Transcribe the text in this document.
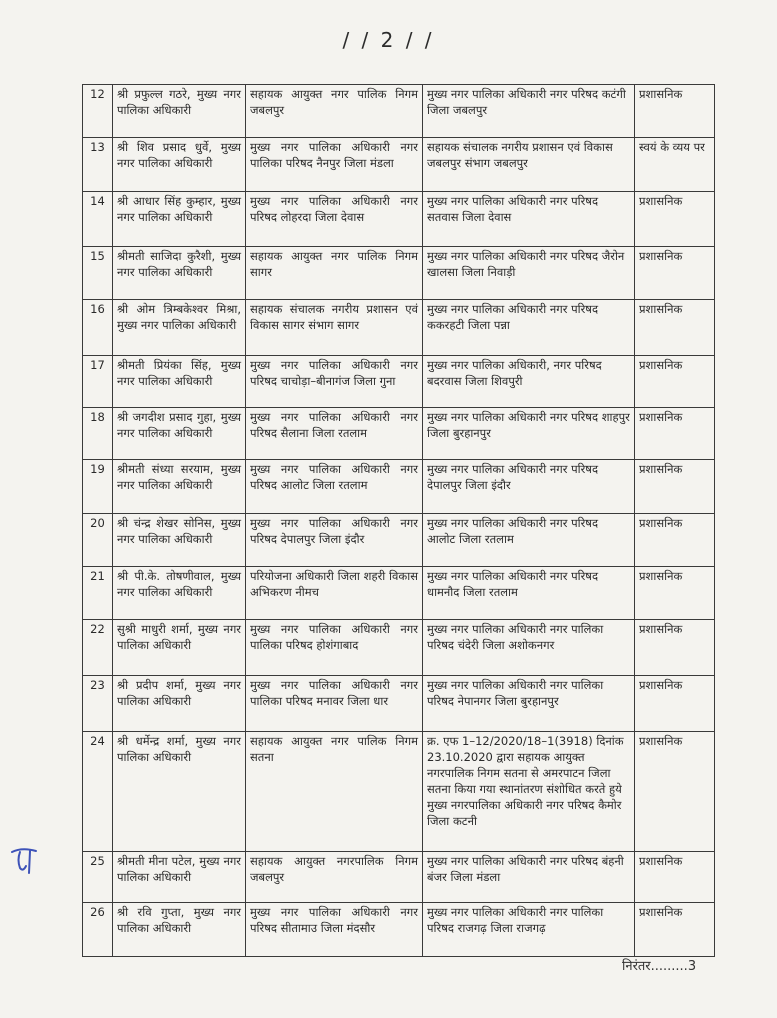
/ / 2 / /
12	श्री प्रफुल्ल गठरे, मुख्य नगर पालिका अधिकारी	सहायक आयुक्त नगर पालिक निगम जबलपुर	मुख्य नगर पालिका अधिकारी नगर परिषद कटंगी जिला जबलपुर	प्रशासनिक
13	श्री शिव प्रसाद धुर्वे, मुख्य नगर पालिका अधिकारी	मुख्य नगर पालिका अधिकारी नगर पालिका परिषद नैनपुर जिला मंडला	सहायक संचालक नगरीय प्रशासन एवं विकास जबलपुर संभाग जबलपुर	स्वयं के व्यय पर
14	श्री आधार सिंह कुम्हार, मुख्य नगर पालिका अधिकारी	मुख्य नगर पालिका अधिकारी नगर परिषद लोहरदा जिला देवास	मुख्य नगर पालिका अधिकारी नगर परिषद सतवास जिला देवास	प्रशासनिक
15	श्रीमती साजिदा कुरैशी, मुख्य नगर पालिका अधिकारी	सहायक आयुक्त नगर पालिक निगम सागर	मुख्य नगर पालिका अधिकारी नगर परिषद जैरोन खालसा जिला निवाड़ी	प्रशासनिक
16	श्री ओम त्रिम्बकेश्वर मिश्रा, मुख्य नगर पालिका अधिकारी	सहायक संचालक नगरीय प्रशासन एवं विकास सागर संभाग सागर	मुख्य नगर पालिका अधिकारी नगर परिषद ककरहटी जिला पन्ना	प्रशासनिक
17	श्रीमती प्रियंका सिंह, मुख्य नगर पालिका अधिकारी	मुख्य नगर पालिका अधिकारी नगर परिषद चाचोड़ा–बीनागंज जिला गुना	मुख्य नगर पालिका अधिकारी, नगर परिषद बदरवास जिला शिवपुरी	प्रशासनिक
18	श्री जगदीश प्रसाद गुहा, मुख्य नगर पालिका अधिकारी	मुख्य नगर पालिका अधिकारी नगर परिषद सैलाना जिला रतलाम	मुख्य नगर पालिका अधिकारी नगर परिषद शाहपुर जिला बुरहानपुर	प्रशासनिक
19	श्रीमती संध्या सरयाम, मुख्य नगर पालिका अधिकारी	मुख्य नगर पालिका अधिकारी नगर परिषद आलोट जिला रतलाम	मुख्य नगर पालिका अधिकारी नगर परिषद देपालपुर जिला इंदौर	प्रशासनिक
20	श्री चंन्द्र शेखर सोनिस, मुख्य नगर पालिका अधिकारी	मुख्य नगर पालिका अधिकारी नगर परिषद देपालपुर जिला इंदौर	मुख्य नगर पालिका अधिकारी नगर परिषद आलोट जिला रतलाम	प्रशासनिक
21	श्री पी.के. तोषणीवाल, मुख्य नगर पालिका अधिकारी	परियोजना अधिकारी जिला शहरी विकास अभिकरण नीमच	मुख्य नगर पालिका अधिकारी नगर परिषद धामनौद जिला रतलाम	प्रशासनिक
22	सुश्री माधुरी शर्मा, मुख्य नगर पालिका अधिकारी	मुख्य नगर पालिका अधिकारी नगर पालिका परिषद होशंगाबाद	मुख्य नगर पालिका अधिकारी नगर पालिका परिषद चंदेरी जिला अशोकनगर	प्रशासनिक
23	श्री प्रदीप शर्मा, मुख्य नगर पालिका अधिकारी	मुख्य नगर पालिका अधिकारी नगर पालिका परिषद मनावर जिला धार	मुख्य नगर पालिका अधिकारी नगर पालिका परिषद नेपानगर जिला बुरहानपुर	प्रशासनिक
24	श्री धर्मेन्द्र शर्मा, मुख्य नगर पालिका अधिकारी	सहायक आयुक्त नगर पालिक निगम सतना	क्र. एफ 1–12/2020/18–1(3918) दिनांक 23.10.2020 द्वारा सहायक आयुक्त नगरपालिक निगम सतना से अमरपाटन जिला सतना किया गया स्थानांतरण संशोधित करते हुये मुख्य नगरपालिका अधिकारी नगर परिषद कैमोर जिला कटनी	प्रशासनिक
25	श्रीमती मीना पटेल, मुख्य नगर पालिका अधिकारी	सहायक आयुक्त नगरपालिक निगम जबलपुर	मुख्य नगर पालिका अधिकारी नगर परिषद बंहनी बंजर जिला मंडला	प्रशासनिक
26	श्री रवि गुप्ता, मुख्य नगर पालिका अधिकारी	मुख्य नगर पालिका अधिकारी नगर परिषद सीतामाउ जिला मंदसौर	मुख्य नगर पालिका अधिकारी नगर पालिका परिषद राजगढ़ जिला राजगढ़	प्रशासनिक
निरंतर.........3
